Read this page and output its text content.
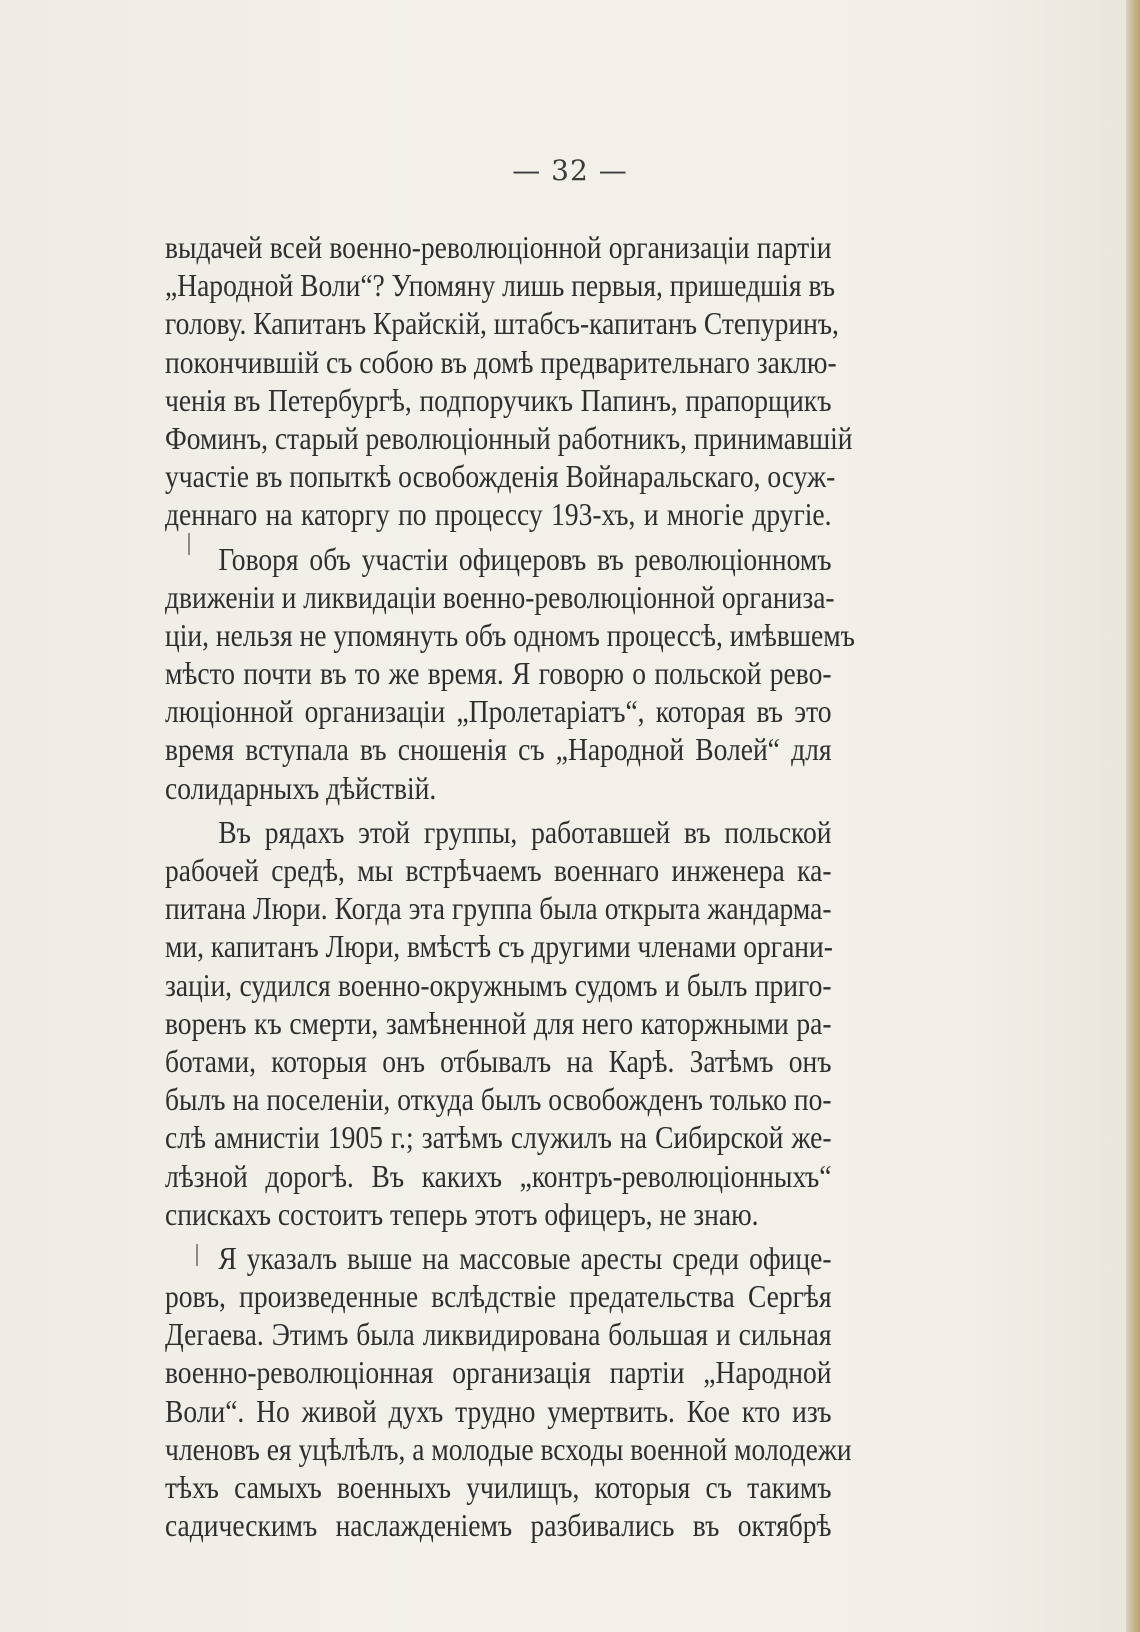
— 32 —
выдачей всей военно-революціонной организаціи партіи
„Народной Воли“? Упомяну лишь первыя, пришедшія въ
голову. Капитанъ Крайскій, штабсъ-капитанъ Степуринъ,
покончившій съ собою въ домѣ предварительнаго заклю-
ченія въ Петербургѣ, подпоручикъ Папинъ, прапорщикъ
Фоминъ, старый революціонный работникъ, принимавшій
участіе въ попыткѣ освобожденія Войнаральскаго, осуж-
деннаго на каторгу по процессу 193-хъ, и многіе другіе.
Говоря объ участіи офицеровъ въ революціонномъ
движеніи и ликвидаціи военно-революціонной организа-
ціи, нельзя не упомянуть объ одномъ процессѣ, имѣвшемъ
мѣсто почти въ то же время. Я говорю о польской рево-
люціонной организаціи „Пролетаріатъ“, которая въ это
время вступала въ сношенія съ „Народной Волей“ для
солидарныхъ дѣйствій.
Въ рядахъ этой группы, работавшей въ польской
рабочей средѣ, мы встрѣчаемъ военнаго инженера ка-
питана Люри. Когда эта группа была открыта жандарма-
ми, капитанъ Люри, вмѣстѣ съ другими членами органи-
заціи, судился военно-окружнымъ судомъ и былъ приго-
воренъ къ смерти, замѣненной для него каторжными ра-
ботами, которыя онъ отбывалъ на Карѣ. Затѣмъ онъ
былъ на поселеніи, откуда былъ освобожденъ только по-
слѣ амнистіи 1905 г.; затѣмъ служилъ на Сибирской же-
лѣзной дорогѣ. Въ какихъ „контръ-революціонныхъ“
спискахъ состоитъ теперь этотъ офицеръ, не знаю.
Я указалъ выше на массовые аресты среди офице-
ровъ, произведенные вслѣдствіе предательства Сергѣя
Дегаева. Этимъ была ликвидирована большая и сильная
военно-революціонная организація партіи „Народной
Воли“. Но живой духъ трудно умертвить. Кое кто изъ
членовъ ея уцѣлѣлъ, а молодые всходы военной молодежи
тѣхъ самыхъ военныхъ училищъ, которыя съ такимъ
садическимъ наслажденіемъ разбивались въ октябрѣ
